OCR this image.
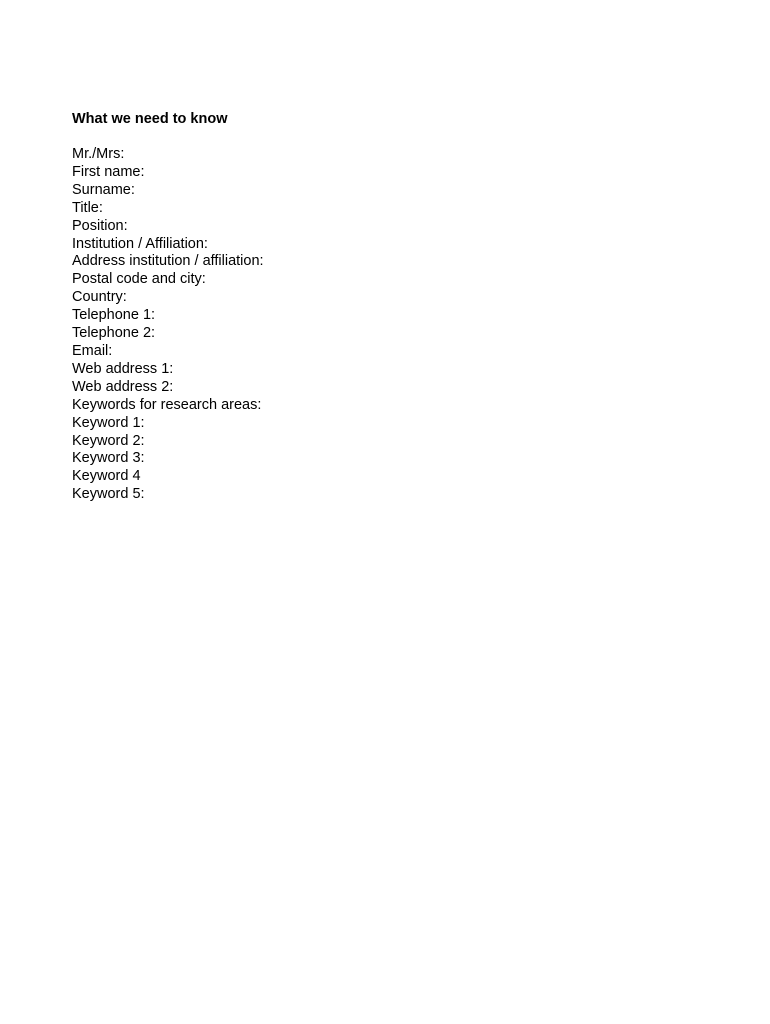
What we need to know
Mr./Mrs:
First name:
Surname:
Title:
Position:
Institution / Affiliation:
Address institution / affiliation:
Postal code and city:
Country:
Telephone 1:
Telephone 2:
Email:
Web address 1:
Web address 2:
Keywords for research areas:
Keyword 1:
Keyword 2:
Keyword 3:
Keyword 4
Keyword 5:
